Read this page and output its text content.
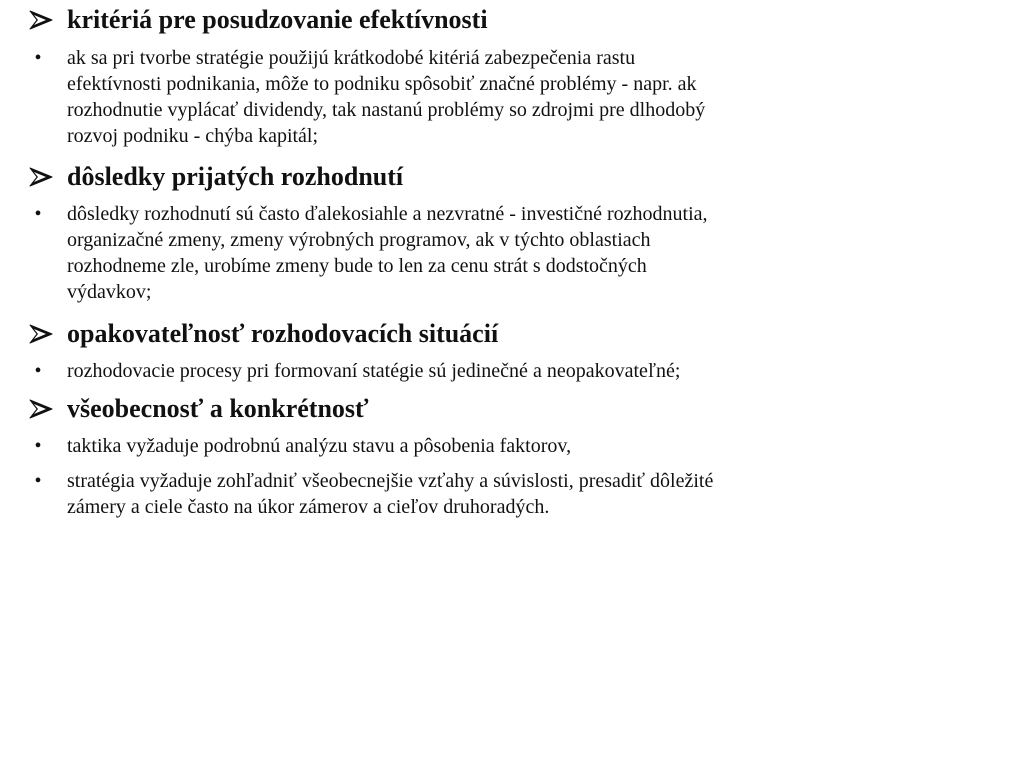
kritériá pre posudzovanie efektívnosti
• ak sa pri tvorbe stratégie použijú krátkodobé kitériá zabezpečenia rastu
efektívnosti podnikania, môže to podniku spôsobiť značné problémy - napr. ak
rozhodnutie vyplácať dividendy, tak nastanú problémy so zdrojmi pre dlhodobý
rozvoj podniku - chýba kapitál;
dôsledky prijatých rozhodnutí
• dôsledky rozhodnutí sú často ďalekosiahle a nezvratné - investičné rozhodnutia,
organizačné zmeny, zmeny výrobných programov, ak v týchto oblastiach
rozhodneme zle, urobíme zmeny bude to len za cenu strát s dodstočných
výdavkov;
opakovateľnosť rozhodovacích situácií
• rozhodovacie procesy pri formovaní statégie sú jedinečné a neopakovateľné;
všeobecnosť a konkrétnosť
• taktika vyžaduje podrobnú analýzu stavu a pôsobenia faktorov,
• stratégia vyžaduje zohľadniť všeobecnejšie vzťahy a súvislosti, presadiť dôležité
zámery a ciele často na úkor zámerov a cieľov druhoradých.
